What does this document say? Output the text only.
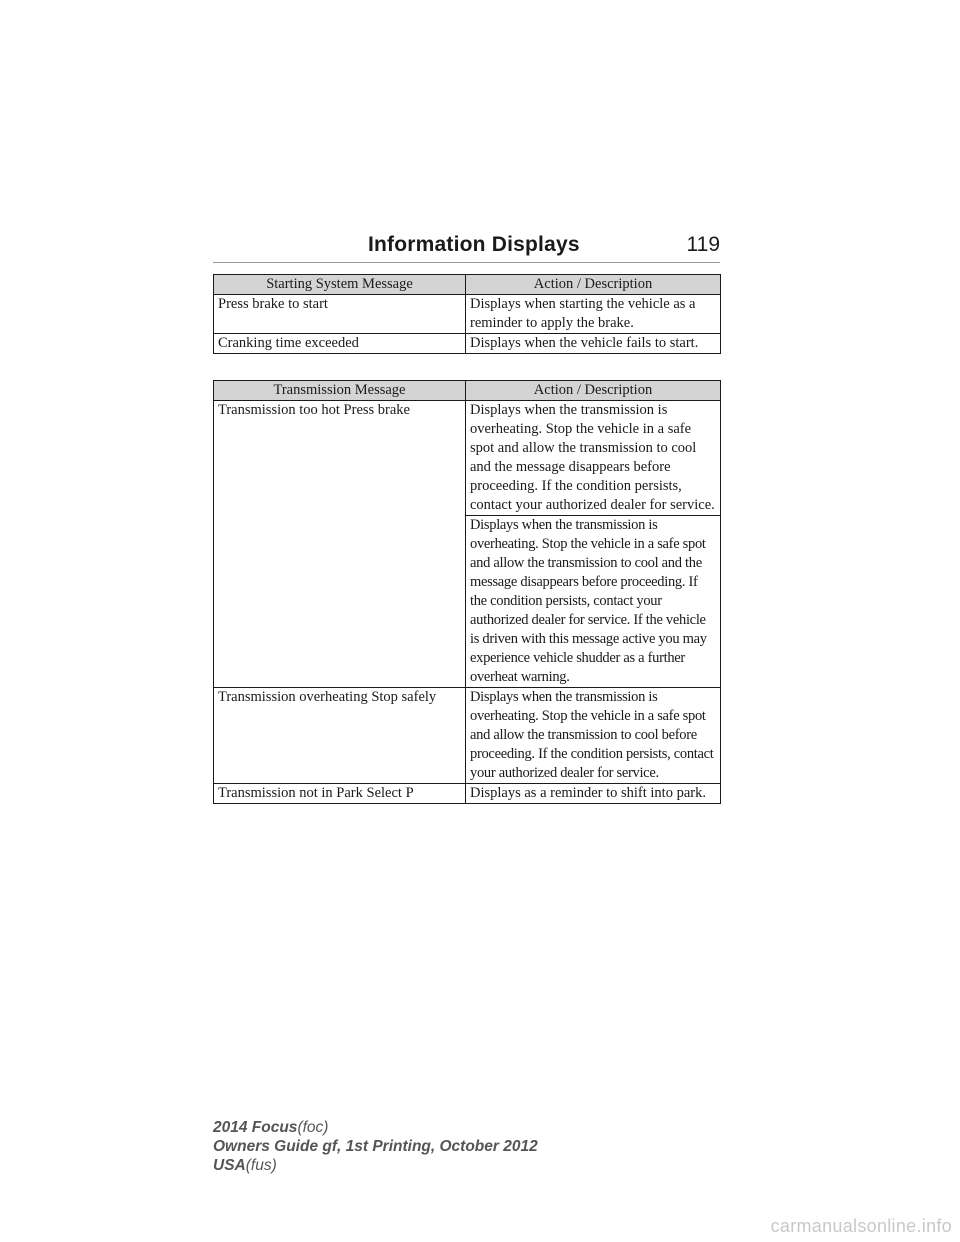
Information Displays	119
Starting System Message	Action / Description
Press brake to start	Displays when starting the vehicle as a reminder to apply the brake.
Cranking time exceeded	Displays when the vehicle fails to start.
Transmission Message	Action / Description
Transmission too hot Press brake	Displays when the transmission is overheating. Stop the vehicle in a safe spot and allow the transmission to cool and the message disappears before proceeding. If the condition persists, contact your authorized dealer for service.
	Displays when the transmission is overheating. Stop the vehicle in a safe spot and allow the transmission to cool and the message disappears before proceeding. If the condition persists, contact your authorized dealer for service. If the vehicle is driven with this message active you may experience vehicle shudder as a further overheat warning.
Transmission overheating Stop safely	Displays when the transmission is overheating. Stop the vehicle in a safe spot and allow the transmission to cool before proceeding. If the condition persists, contact your authorized dealer for service.
Transmission not in Park Select P	Displays as a reminder to shift into park.
2014 Focus(foc)
Owners Guide gf, 1st Printing, October 2012
USA(fus)
carmanualsonline.info
